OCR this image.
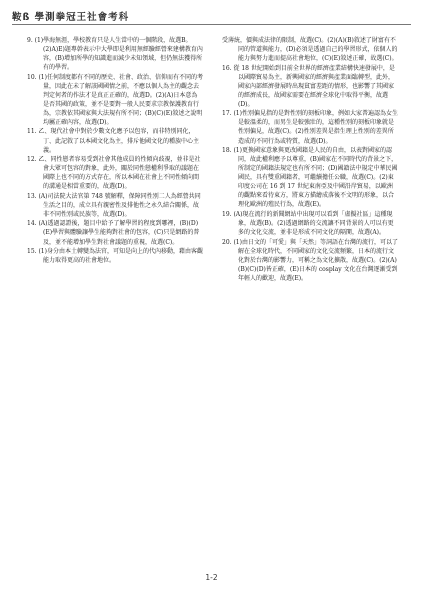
鞍ß 學測拳冠王社會考科
9. (1)學海無涯，學校教育只是人生當中的一個階段，故選B。(2)A)E)題專幹表示中大學即是利用無經驗經營來建構教育內容，(B)增加所學的知識進而減少未知領域，但仍無法獲得所有的學習。
10. (1)任何制度都有不同的歷史、社會、政治、信仰而有不同的考量，因此在未了解該國國情之前，不應以個人為主的觀念去判定何者的作法才是真正正確的，故選D。(2)(A)日本意為是否其國的政策，並不是要對一般人民要求宗教保護教育行為，宗教依其國家與大法規有所不同；(B)(C)(E)敘述之說明均屬正確內容，故選(D)。
11. 乙、現代社會中對於少數文化應予以包容，而非特別同化，丁、此記敘了以本國文化為主，排斥他國文化的種族中心主義。
12. 乙、同性戀者容易受到社會其他成員的性傾向歧視，並非是社會大眾可包容的對象，此外，關於同性戀權利爭取的議題在國際上也不同的方式存在，所以本國在社會上不同性傾向間的溝通是相當重要的，故選(D)。
13. (A)司法院大法官第 748 號解釋，保障同性別二人為經營共同生活之目的，成立具有親密性及排他性之永久結合關係，故非不同性別或民族等，故選(D)。
14. (A)透過認證後，題目中給予了解學習的程度到哪裡，(B)(D)(E)學習與體驗讓學生能夠對社會的包容，(C)只是網路的普及，並不能增加學生對社會議題的重視，故選(C)。
15. (1)身分由本土轉變為法官，可知是向上的代內移動，藉由客觀能力取得更高的社會地位。
受薄統，價與成法律的限制，故選(C)。(2)(A)(B)敘述了財富有不同的管道與能力，(D)必須是透過自己的學習形式，依個人的能力與努力進而提高社會地位，(C)(E)敘述正確，故選(C)。
16. 從 18 世紀開始到目前全世界的經濟產業結構快速發展中，是以國際貿易為主，新興國家的經濟與產業面臨轉型，此外，國家內部經濟發展時出現貧富差距的情形，也影響了其國家的經濟成長，故國家需要在經濟全球化中取得平衡，故選(D)。
17. (1)性別偏見指的是對性別的刻板印象，例如大家普遍認為女生是較溫柔的，而男生是較強壯的，這種性別的刻板印象就是性別偏見，故選(C)。(2)性別差異是指生理上性別的差異所造成的不同行為或特質，故選(D)。
18. (1)更換國家意象與更改國籍是人民的自由，以表對國家的認同，故此權利應予以尊重，(B)國家在不同時代的背景之下，所制定的國籍法規定也有所不同；(D)國籍法中規定中華民國國民，具有雙重國籍者，可繼續擔任公職，故選(C)。(2)東印度公司在 16 到 17 世紀東南亞及中國沿岸貿易，以歐洲的觀點來看待東方，將東方描繪成落後不文明的形象，以合理化歐洲的殖民行為，故選(E)。
19. (A)現在流行的新聞網站中出現可以看到「虛擬社區」這種現象，故選(B)。(2)透過網路的交流讓不同背景的人可以有更多的文化交流，並非是形成不同文化的隔閡，故選(A)。
20. (1)由日文的「可愛」與「天然」等詞語在台灣的流行，可以了解在全球化時代，不同國家的文化交流頻繁，日本的流行文化對於台灣的影響力，可稱之為文化擴散，故選(C)。(2)(A)(B)(C)(D)皆正確，(E)日本的 cosplay 文化在台灣逐漸受到年輕人的歡迎，故選(E)。
1-2
